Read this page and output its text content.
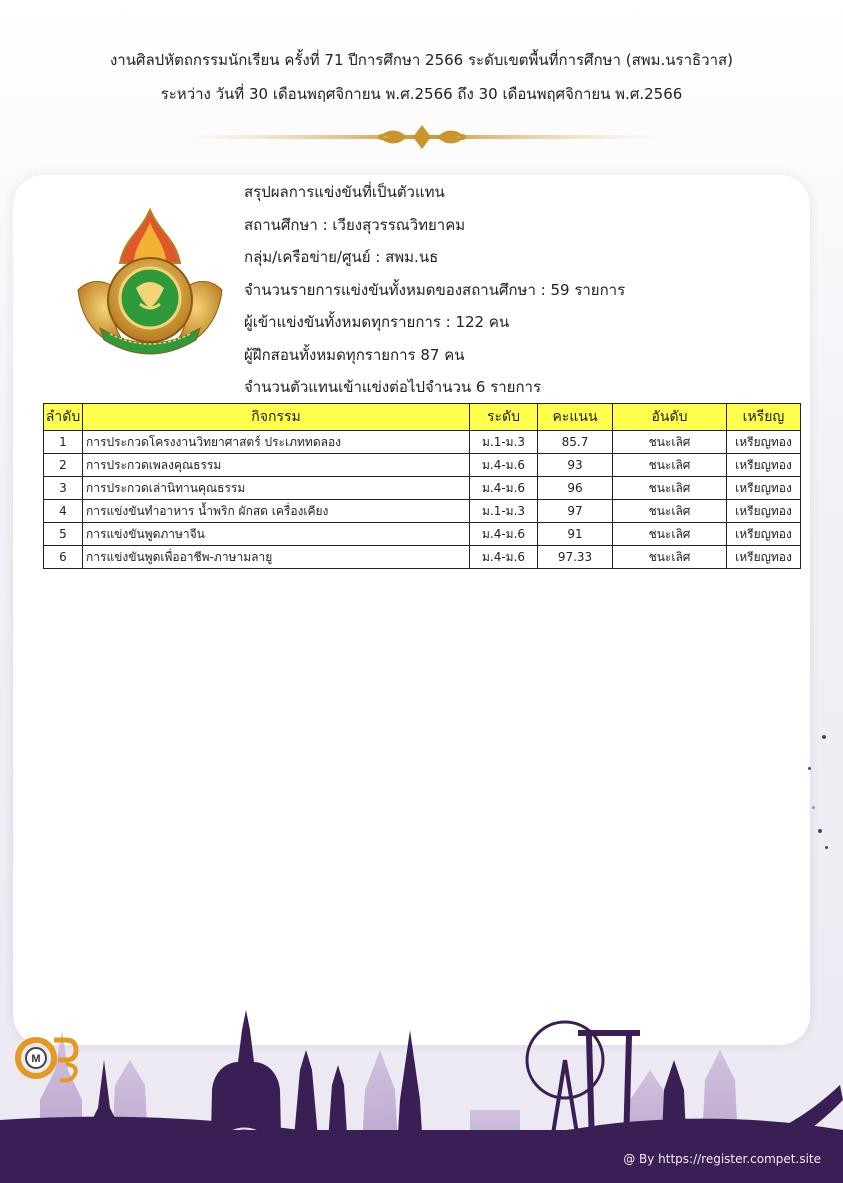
งานศิลปหัตถกรรมนักเรียน ครั้งที่ 71 ปีการศึกษา 2566 ระดับเขตพื้นที่การศึกษา (สพม.นราธิวาส)
ระหว่าง วันที่ 30 เดือนพฤศจิกายน พ.ศ.2566 ถึง 30 เดือนพฤศจิกายน พ.ศ.2566
สรุปผลการแข่งขันที่เป็นตัวแทน
สถานศึกษา : เวียงสุวรรณวิทยาคม
กลุ่ม/เครือข่าย/ศูนย์ : สพม.นธ
จำนวนรายการแข่งขันทั้งหมดของสถานศึกษา : 59 รายการ
ผู้เข้าแข่งขันทั้งหมดทุกรายการ : 122 คน
ผู้ฝึกสอนทั้งหมดทุกรายการ 87 คน
จำนวนตัวแทนเข้าแข่งต่อไปจำนวน 6 รายการ
ลำดับ	กิจกรรม	ระดับ	คะแนน	อันดับ	เหรียญ
1	การประกวดโครงงานวิทยาศาสตร์ ประเภททดลอง	ม.1-ม.3	85.7	ชนะเลิศ	เหรียญทอง
2	การประกวดเพลงคุณธรรม	ม.4-ม.6	93	ชนะเลิศ	เหรียญทอง
3	การประกวดเล่านิทานคุณธรรม	ม.4-ม.6	96	ชนะเลิศ	เหรียญทอง
4	การแข่งขันทำอาหาร น้ำพริก ผักสด เครื่องเคียง	ม.1-ม.3	97	ชนะเลิศ	เหรียญทอง
5	การแข่งขันพูดภาษาจีน	ม.4-ม.6	91	ชนะเลิศ	เหรียญทอง
6	การแข่งขันพูดเพื่ออาชีพ-ภาษามลายู	ม.4-ม.6	97.33	ชนะเลิศ	เหรียญทอง
M
@ By https://register.compet.site
